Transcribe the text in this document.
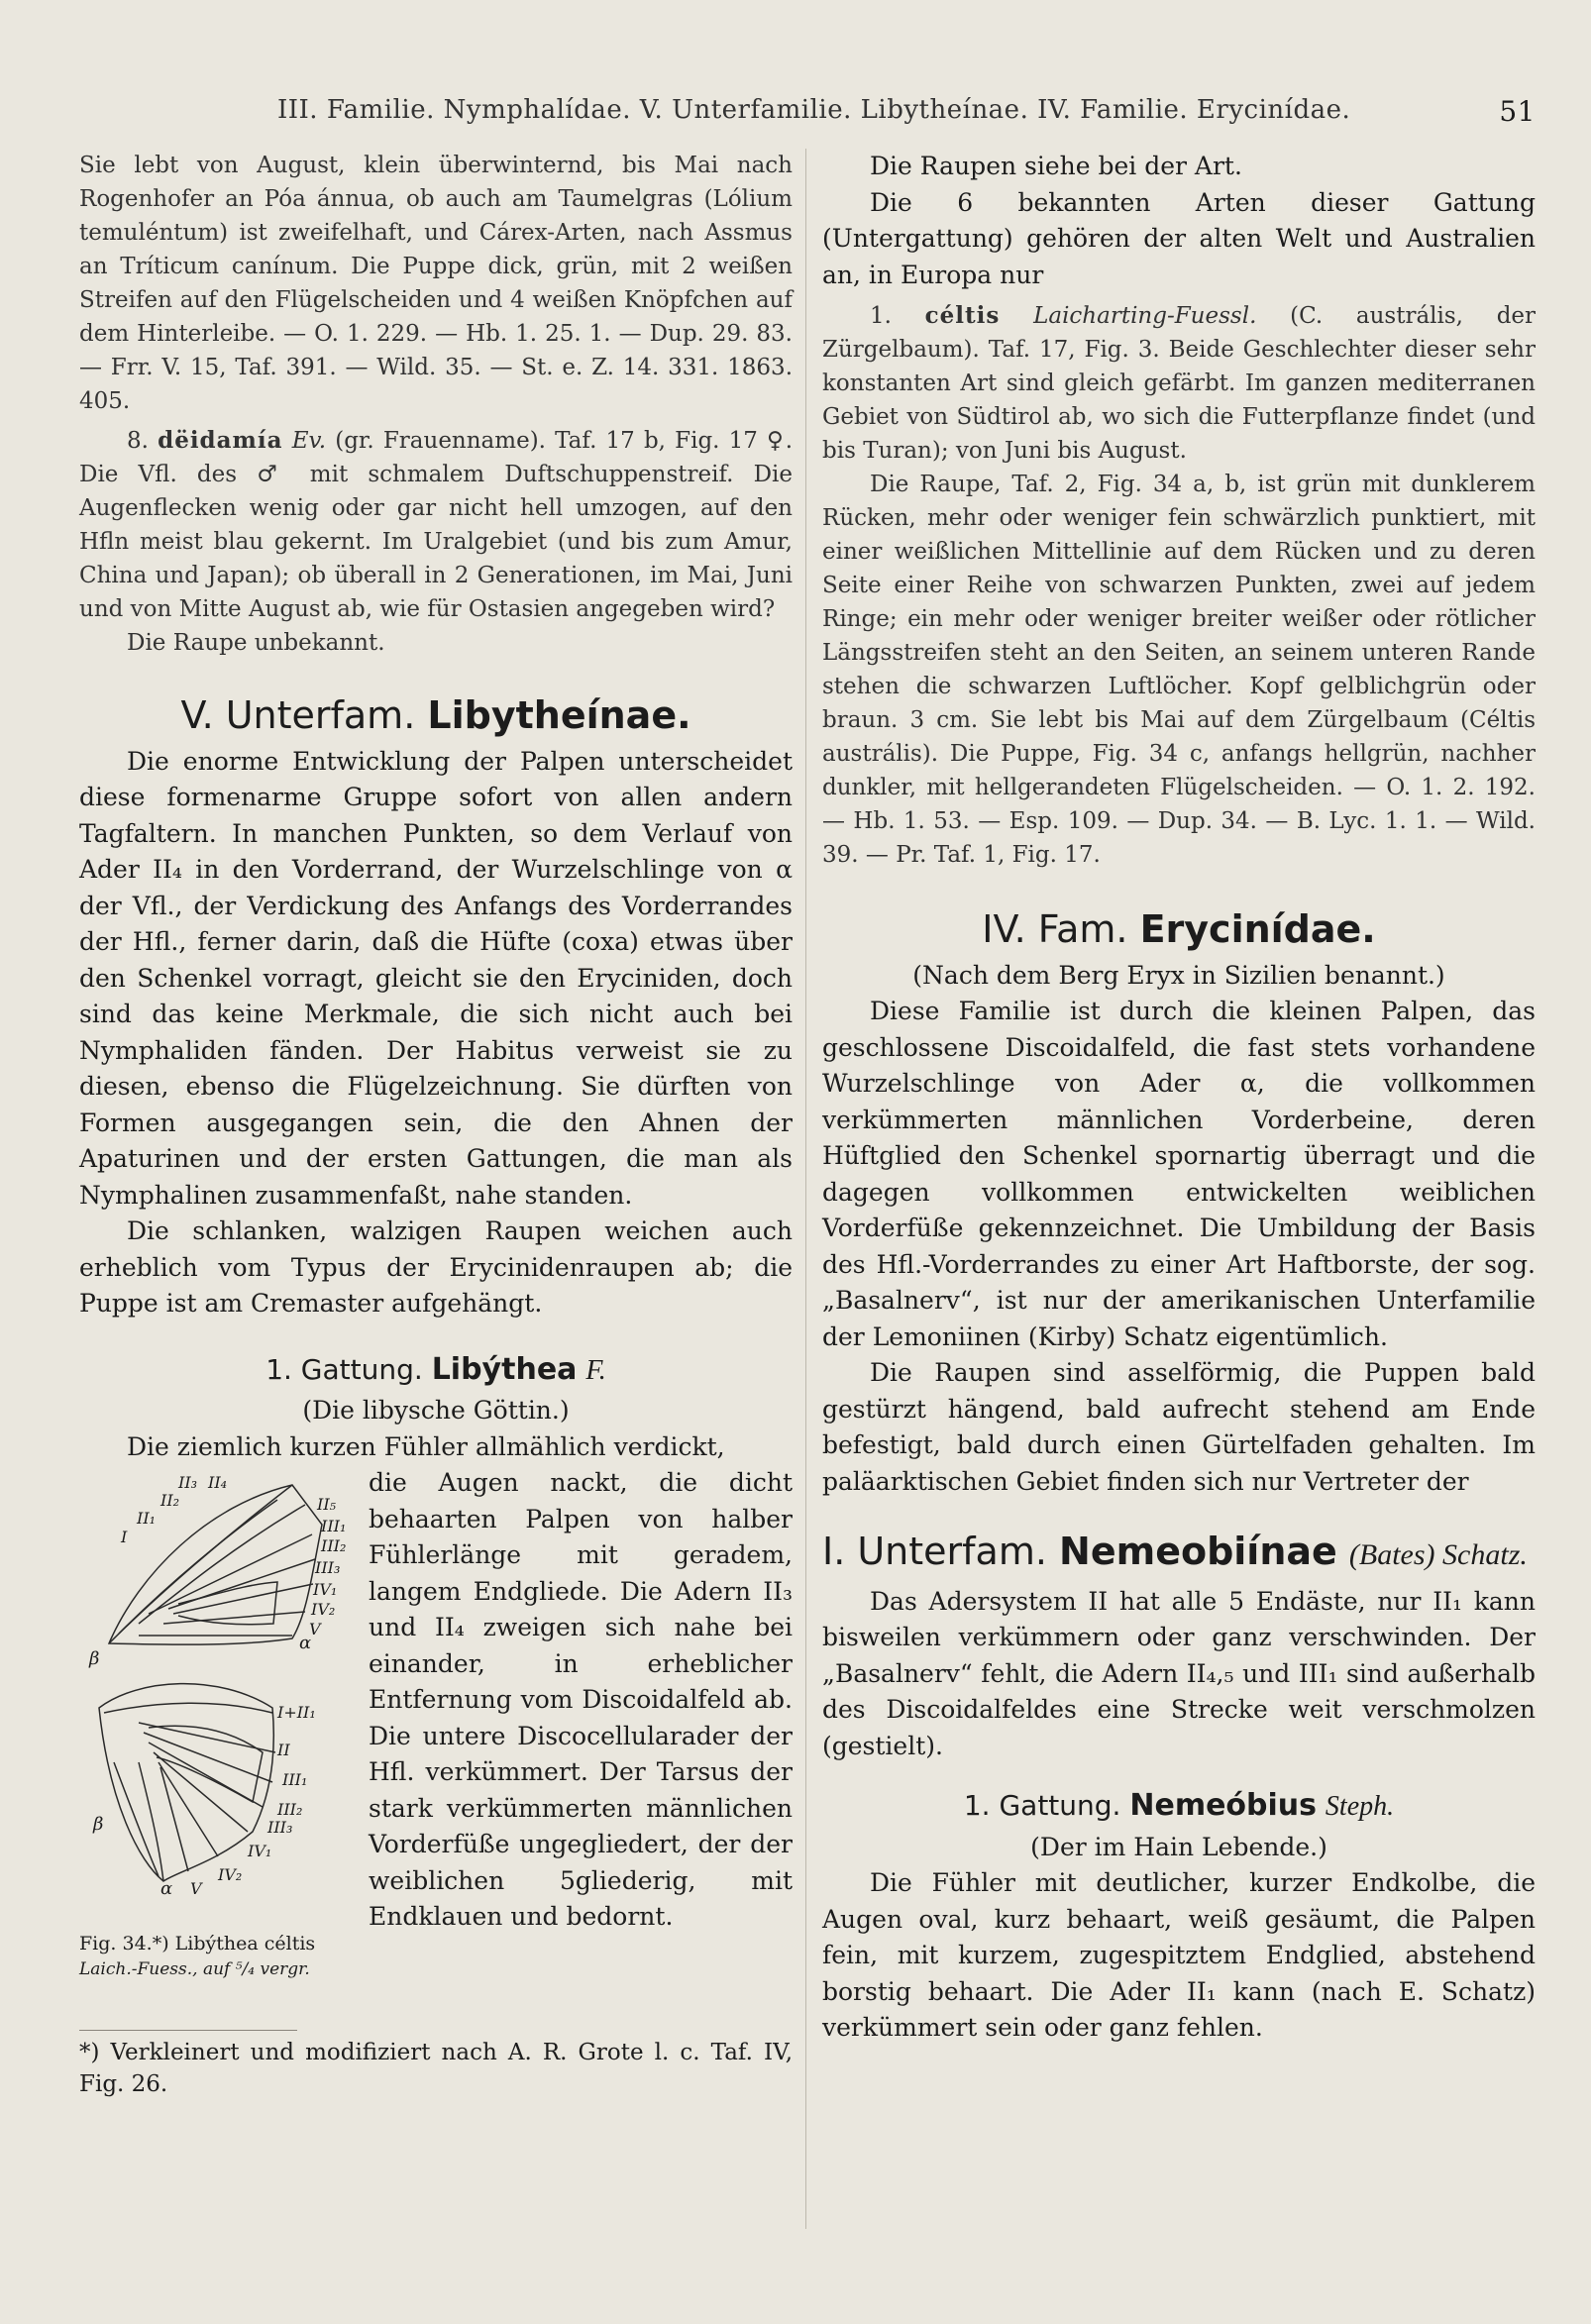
III. Familie. Nymphalídae. V. Unterfamilie. Libytheínae. IV. Familie. Erycinídae.	51

Sie lebt von August, klein überwinternd, bis Mai nach Rogenhofer an Póa ánnua, ob auch am Taumelgras (Lólium temuléntum) ist zweifelhaft, und Cárex-Arten, nach Assmus an Tríticum canínum. Die Puppe dick, grün, mit 2 weißen Streifen auf den Flügelscheiden und 4 weißen Knöpfchen auf dem Hinterleibe. — O. 1. 229. — Hb. 1. 25. 1. — Dup. 29. 83. — Frr. V. 15, Taf. 391. — Wild. 35. — St. e. Z. 14. 331. 1863. 405.

8. dëidamía Ev. (gr. Frauenname). Taf. 17 b, Fig. 17 ♀. Die Vfl. des ♂ mit schmalem Duftschuppenstreif. Die Augenflecken wenig oder gar nicht hell umzogen, auf den Hfln meist blau gekernt. Im Uralgebiet (und bis zum Amur, China und Japan); ob überall in 2 Generationen, im Mai, Juni und von Mitte August ab, wie für Ostasien angegeben wird?

Die Raupe unbekannt.

V. Unterfam. Libytheínae.

Die enorme Entwicklung der Palpen unterscheidet diese formenarme Gruppe sofort von allen andern Tagfaltern. In manchen Punkten, so dem Verlauf von Ader II₄ in den Vorderrand, der Wurzelschlinge von α der Vfl., der Verdickung des Anfangs des Vorderrandes der Hfl., ferner darin, daß die Hüfte (coxa) etwas über den Schenkel vorragt, gleicht sie den Eryciniden, doch sind das keine Merkmale, die sich nicht auch bei Nymphaliden fänden. Der Habitus verweist sie zu diesen, ebenso die Flügelzeichnung. Sie dürften von Formen ausgegangen sein, die den Ahnen der Apaturinen und der ersten Gattungen, die man als Nymphalinen zusammenfaßt, nahe standen.

Die schlanken, walzigen Raupen weichen auch erheblich vom Typus der Erycinidenraupen ab; die Puppe ist am Cremaster aufgehängt.

1. Gattung. Libýthea F.

(Die libysche Göttin.)

Die ziemlich kurzen Fühler allmählich verdickt,

II₃ II₄
II₂	II₅
II₁
I
III₁
III₂
III₃
IV₁
IV₂
V
α
β
I+II₁
II
III₁
III₂
III₃
IV₁
IV₂
V
α
β
Fig. 34.*) Libýthea céltis
Laich.-Fuess., auf ⁵/₄ vergr.

die Augen nackt, die dicht behaarten Palpen von halber Fühlerlänge mit geradem, langem Endgliede. Die Adern II₃ und II₄ zweigen sich nahe bei einander, in erheblicher Entfernung vom Discoidalfeld ab. Die untere Discocellularader der Hfl. verkümmert. Der Tarsus der stark verkümmerten männlichen Vorderfüße ungegliedert, der der weiblichen 5gliederig, mit Endklauen und bedornt.

*) Verkleinert und modifiziert nach A. R. Grote l. c. Taf. IV, Fig. 26.

Die Raupen siehe bei der Art.

Die 6 bekannten Arten dieser Gattung (Untergattung) gehören der alten Welt und Australien an, in Europa nur

1. céltis Laicharting-Fuessl. (C. austrális, der Zürgelbaum). Taf. 17, Fig. 3. Beide Geschlechter dieser sehr konstanten Art sind gleich gefärbt. Im ganzen mediterranen Gebiet von Südtirol ab, wo sich die Futterpflanze findet (und bis Turan); von Juni bis August.

Die Raupe, Taf. 2, Fig. 34 a, b, ist grün mit dunklerem Rücken, mehr oder weniger fein schwärzlich punktiert, mit einer weißlichen Mittellinie auf dem Rücken und zu deren Seite einer Reihe von schwarzen Punkten, zwei auf jedem Ringe; ein mehr oder weniger breiter weißer oder rötlicher Längsstreifen steht an den Seiten, an seinem unteren Rande stehen die schwarzen Luftlöcher. Kopf gelblichgrün oder braun. 3 cm. Sie lebt bis Mai auf dem Zürgelbaum (Céltis austrális). Die Puppe, Fig. 34 c, anfangs hellgrün, nachher dunkler, mit hellgerandeten Flügelscheiden. — O. 1. 2. 192. — Hb. 1. 53. — Esp. 109. — Dup. 34. — B. Lyc. 1. 1. — Wild. 39. — Pr. Taf. 1, Fig. 17.

IV. Fam. Erycinídae.

(Nach dem Berg Eryx in Sizilien benannt.)

Diese Familie ist durch die kleinen Palpen, das geschlossene Discoidalfeld, die fast stets vorhandene Wurzelschlinge von Ader α, die vollkommen verkümmerten männlichen Vorderbeine, deren Hüftglied den Schenkel spornartig überragt und die dagegen vollkommen entwickelten weiblichen Vorderfüße gekennzeichnet. Die Umbildung der Basis des Hfl.-Vorderrandes zu einer Art Haftborste, der sog. „Basalnerv“, ist nur der amerikanischen Unterfamilie der Lemoniinen (Kirby) Schatz eigentümlich.

Die Raupen sind asselförmig, die Puppen bald gestürzt hängend, bald aufrecht stehend am Ende befestigt, bald durch einen Gürtelfaden gehalten. Im paläarktischen Gebiet finden sich nur Vertreter der

I. Unterfam. Nemeobiínae (Bates) Schatz.

Das Adersystem II hat alle 5 Endäste, nur II₁ kann bisweilen verkümmern oder ganz verschwinden. Der „Basalnerv“ fehlt, die Adern II₄,₅ und III₁ sind außerhalb des Discoidalfeldes eine Strecke weit verschmolzen (gestielt).

1. Gattung. Nemeóbius Steph.

(Der im Hain Lebende.)

Die Fühler mit deutlicher, kurzer Endkolbe, die Augen oval, kurz behaart, weiß gesäumt, die Palpen fein, mit kurzem, zugespitztem Endglied, abstehend borstig behaart. Die Ader II₁ kann (nach E. Schatz) verkümmert sein oder ganz fehlen.
